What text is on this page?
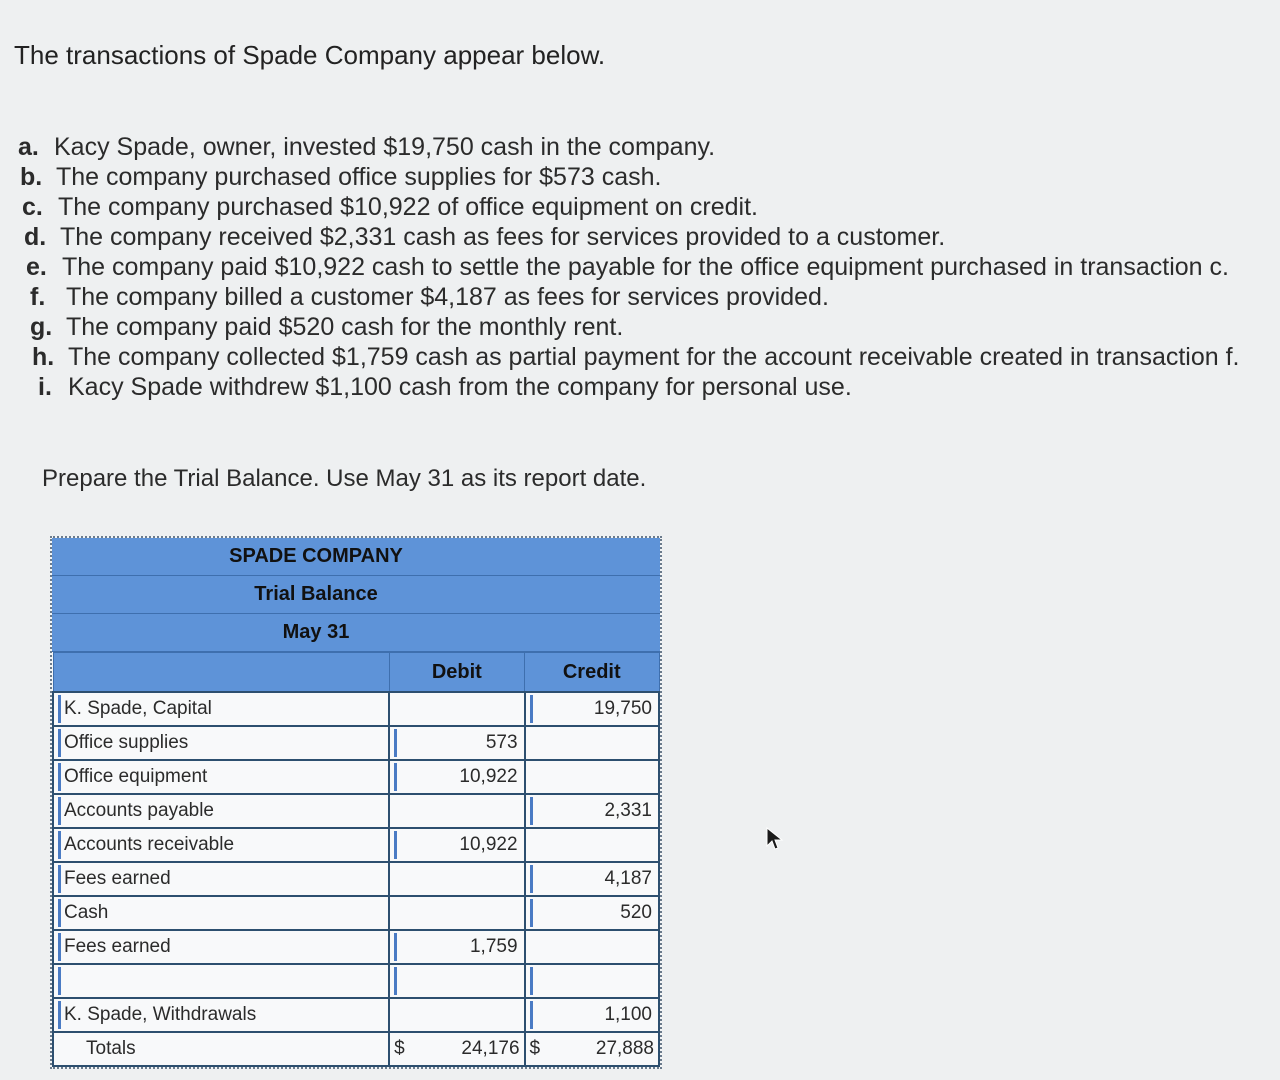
The transactions of Spade Company appear below.
a. Kacy Spade, owner, invested $19,750 cash in the company.
b. The company purchased office supplies for $573 cash.
c. The company purchased $10,922 of office equipment on credit.
d. The company received $2,331 cash as fees for services provided to a customer.
e. The company paid $10,922 cash to settle the payable for the office equipment purchased in transaction c.
f. The company billed a customer $4,187 as fees for services provided.
g. The company paid $520 cash for the monthly rent.
h. The company collected $1,759 cash as partial payment for the account receivable created in transaction f.
i. Kacy Spade withdrew $1,100 cash from the company for personal use.
Prepare the Trial Balance. Use May 31 as its report date.
SPADE COMPANY
Trial Balance
May 31
	Debit	Credit

K. Spade, Capital		19,750

Office supplies	573	

Office equipment	10,922	

Accounts payable		2,331

Accounts receivable	10,922	

Fees earned		4,187

Cash		520

Fees earned	1,759	

K. Spade, Withdrawals		1,100

Totals	$ 24,176	$ 27,888
